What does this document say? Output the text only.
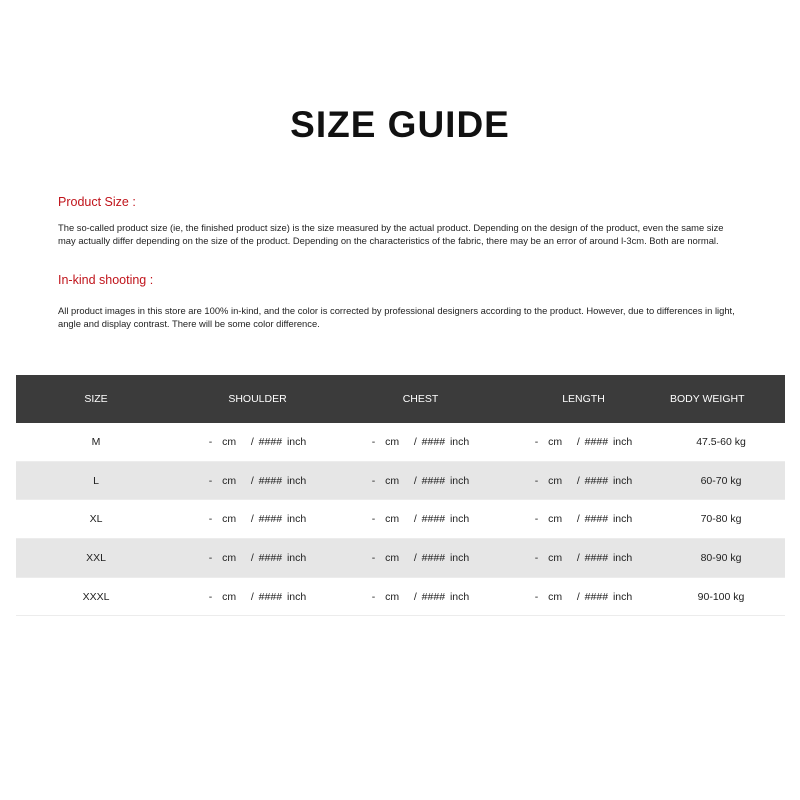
SIZE GUIDE
Product Size :
The so-called product size (ie, the finished product size) is the size measured by the actual product. Depending on the design of the product, even the same size may actually differ depending on the size of the product. Depending on the characteristics of the fabric, there may be an error of around l-3cm. Both are normal.
In-kind shooting :
All product images in this store are 100% in-kind, and the color is corrected by professional designers according to the product. However, due to differences in light, angle and display contrast. There will be some color difference.
SIZE	SHOULDER	CHEST	LENGTH	BODY WEIGHT
M	-  cm   / #### inch	-  cm   / #### inch	-  cm   / #### inch	47.5-60 kg
L	-  cm   / #### inch	-  cm   / #### inch	-  cm   / #### inch	60-70 kg
XL	-  cm   / #### inch	-  cm   / #### inch	-  cm   / #### inch	70-80 kg
XXL	-  cm   / #### inch	-  cm   / #### inch	-  cm   / #### inch	80-90 kg
XXXL	-  cm   / #### inch	-  cm   / #### inch	-  cm   / #### inch	90-100 kg
